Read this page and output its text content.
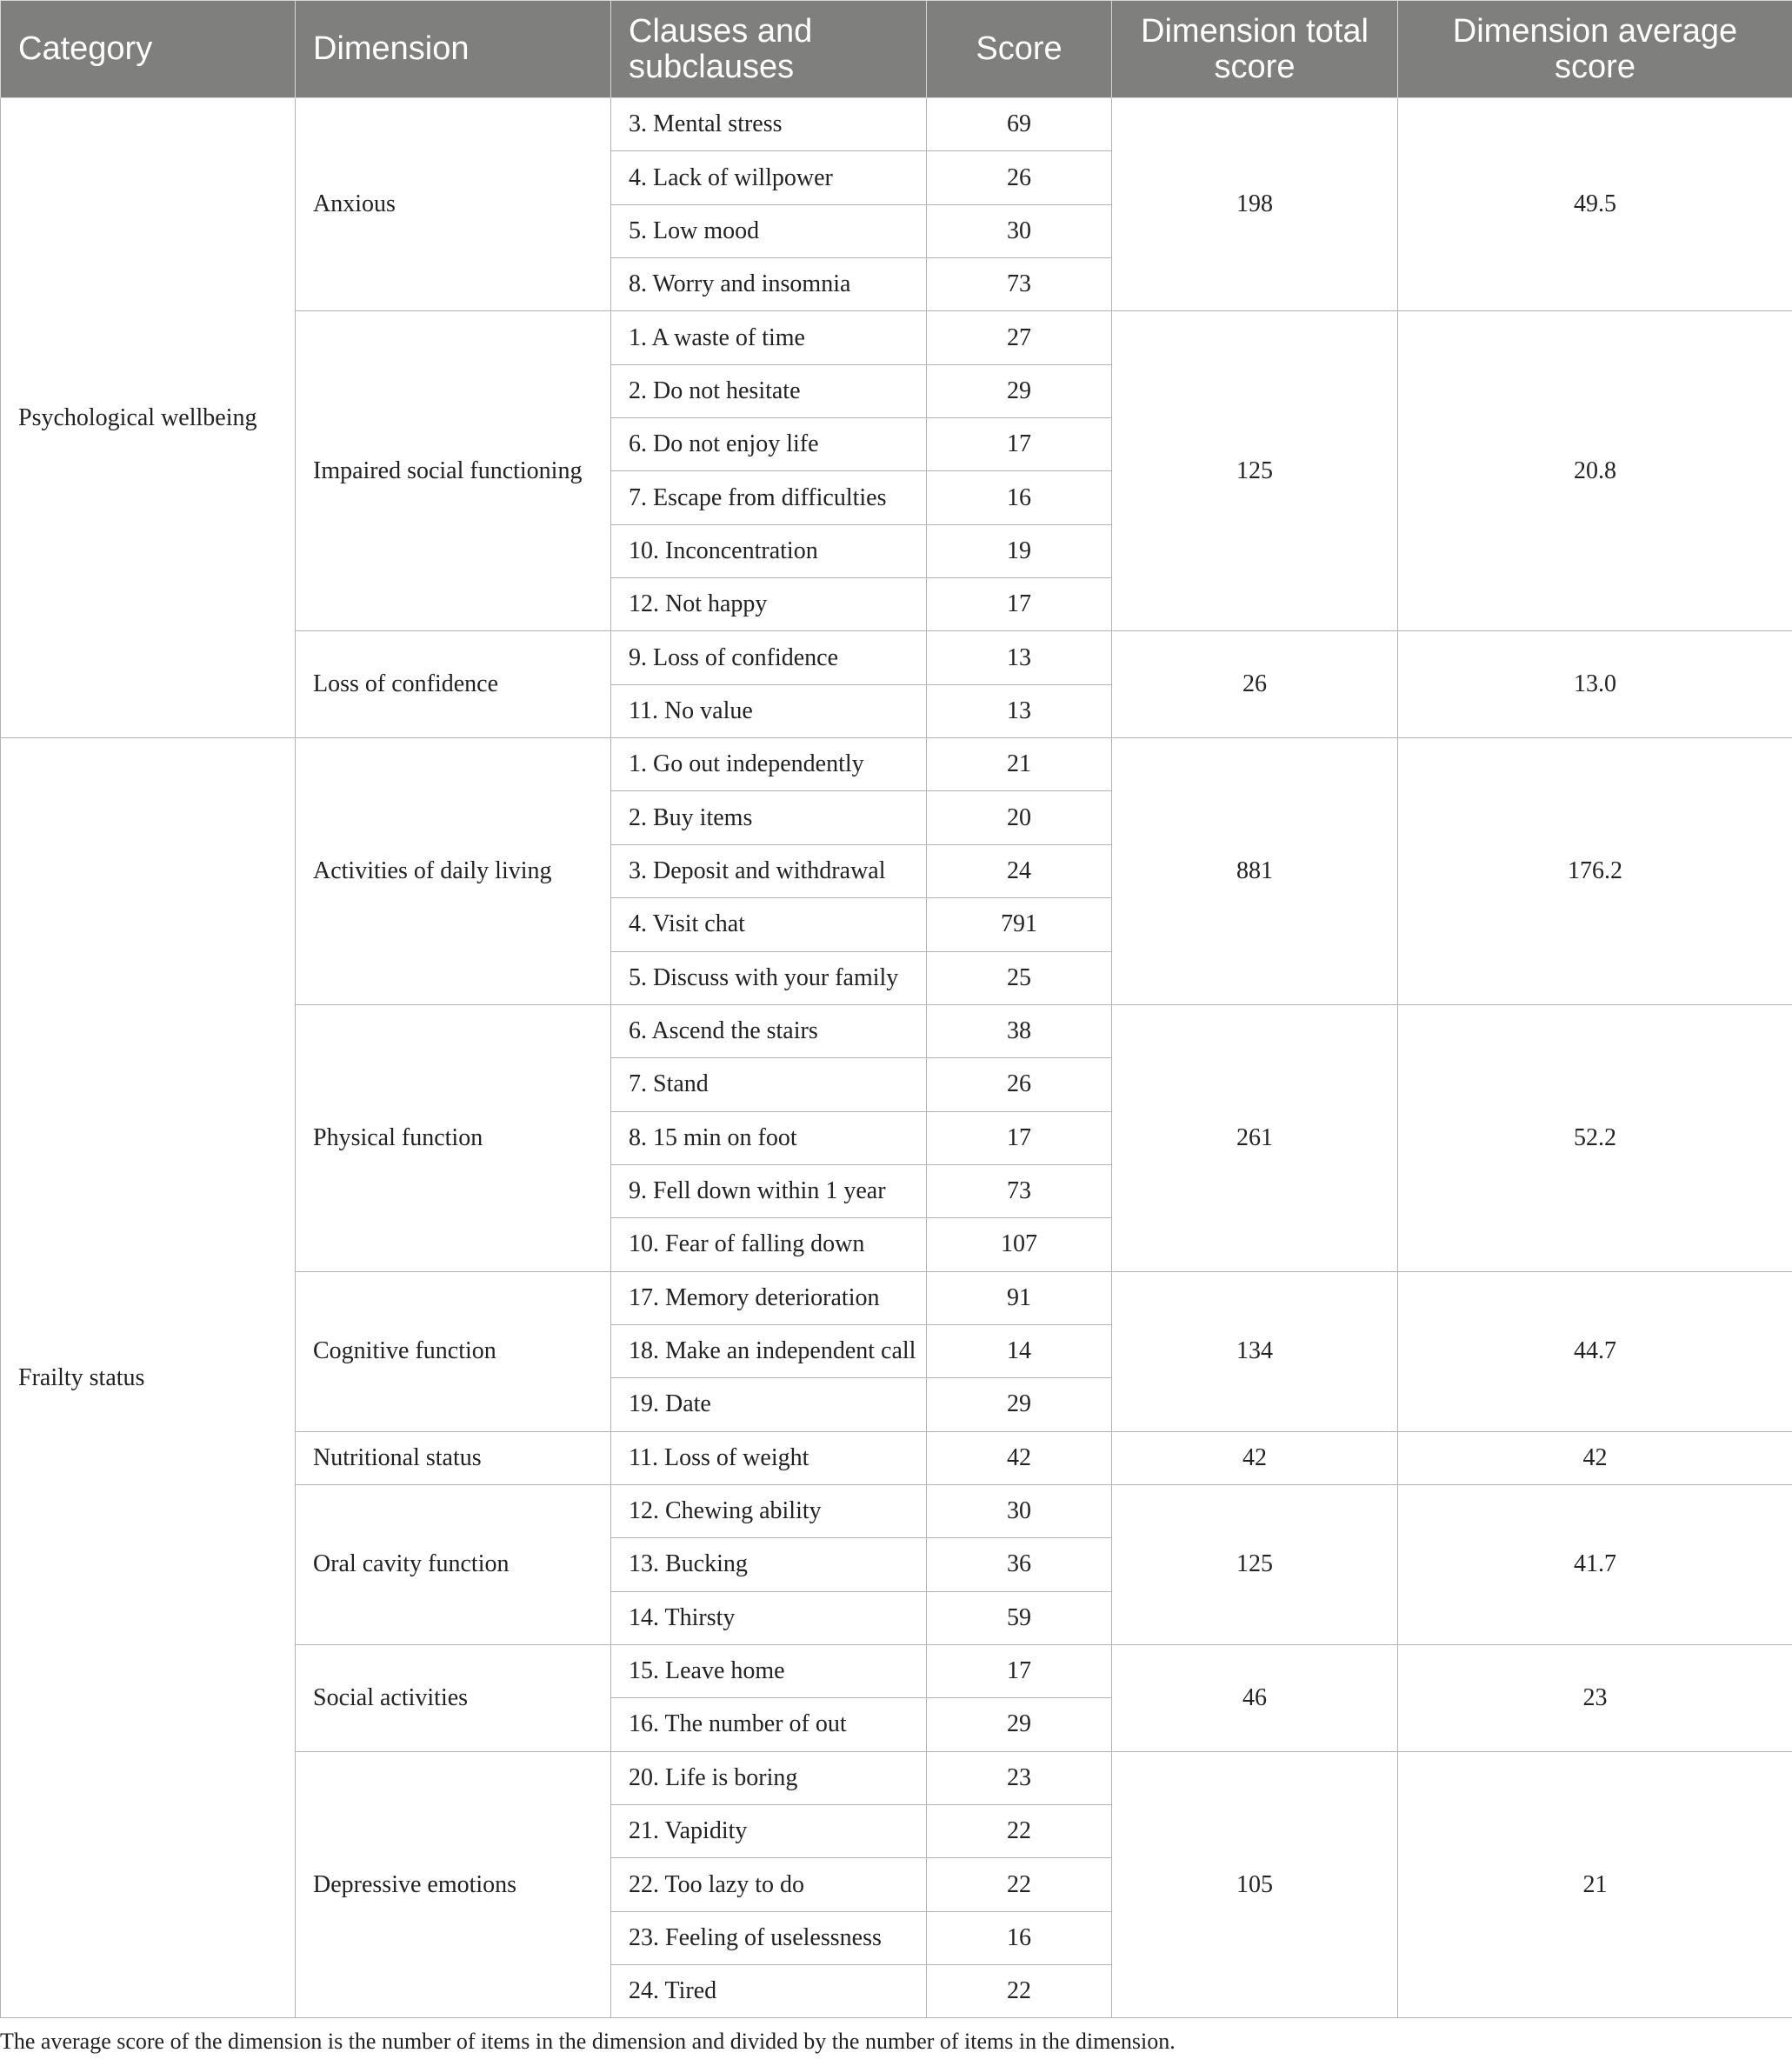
Category	Dimension	Clauses and subclauses	Score	Dimension total score	Dimension average score
Psychological wellbeing	Anxious	3. Mental stress	69	198	49.5
		4. Lack of willpower	26		
		5. Low mood	30		
		8. Worry and insomnia	73		
	Impaired social functioning	1. A waste of time	27	125	20.8
		2. Do not hesitate	29		
		6. Do not enjoy life	17		
		7. Escape from difficulties	16		
		10. Inconcentration	19		
		12. Not happy	17		
	Loss of confidence	9. Loss of confidence	13	26	13.0
		11. No value	13		
Frailty status	Activities of daily living	1. Go out independently	21	881	176.2
		2. Buy items	20		
		3. Deposit and withdrawal	24		
		4. Visit chat	791		
		5. Discuss with your family	25		
	Physical function	6. Ascend the stairs	38	261	52.2
		7. Stand	26		
		8. 15 min on foot	17		
		9. Fell down within 1 year	73		
		10. Fear of falling down	107		
	Cognitive function	17. Memory deterioration	91	134	44.7
		18. Make an independent call	14		
		19. Date	29		
	Nutritional status	11. Loss of weight	42	42	42
	Oral cavity function	12. Chewing ability	30	125	41.7
		13. Bucking	36		
		14. Thirsty	59		
	Social activities	15. Leave home	17	46	23
		16. The number of out	29		
	Depressive emotions	20. Life is boring	23	105	21
		21. Vapidity	22		
		22. Too lazy to do	22		
		23. Feeling of uselessness	16		
		24. Tired	22		
The average score of the dimension is the number of items in the dimension and divided by the number of items in the dimension.
